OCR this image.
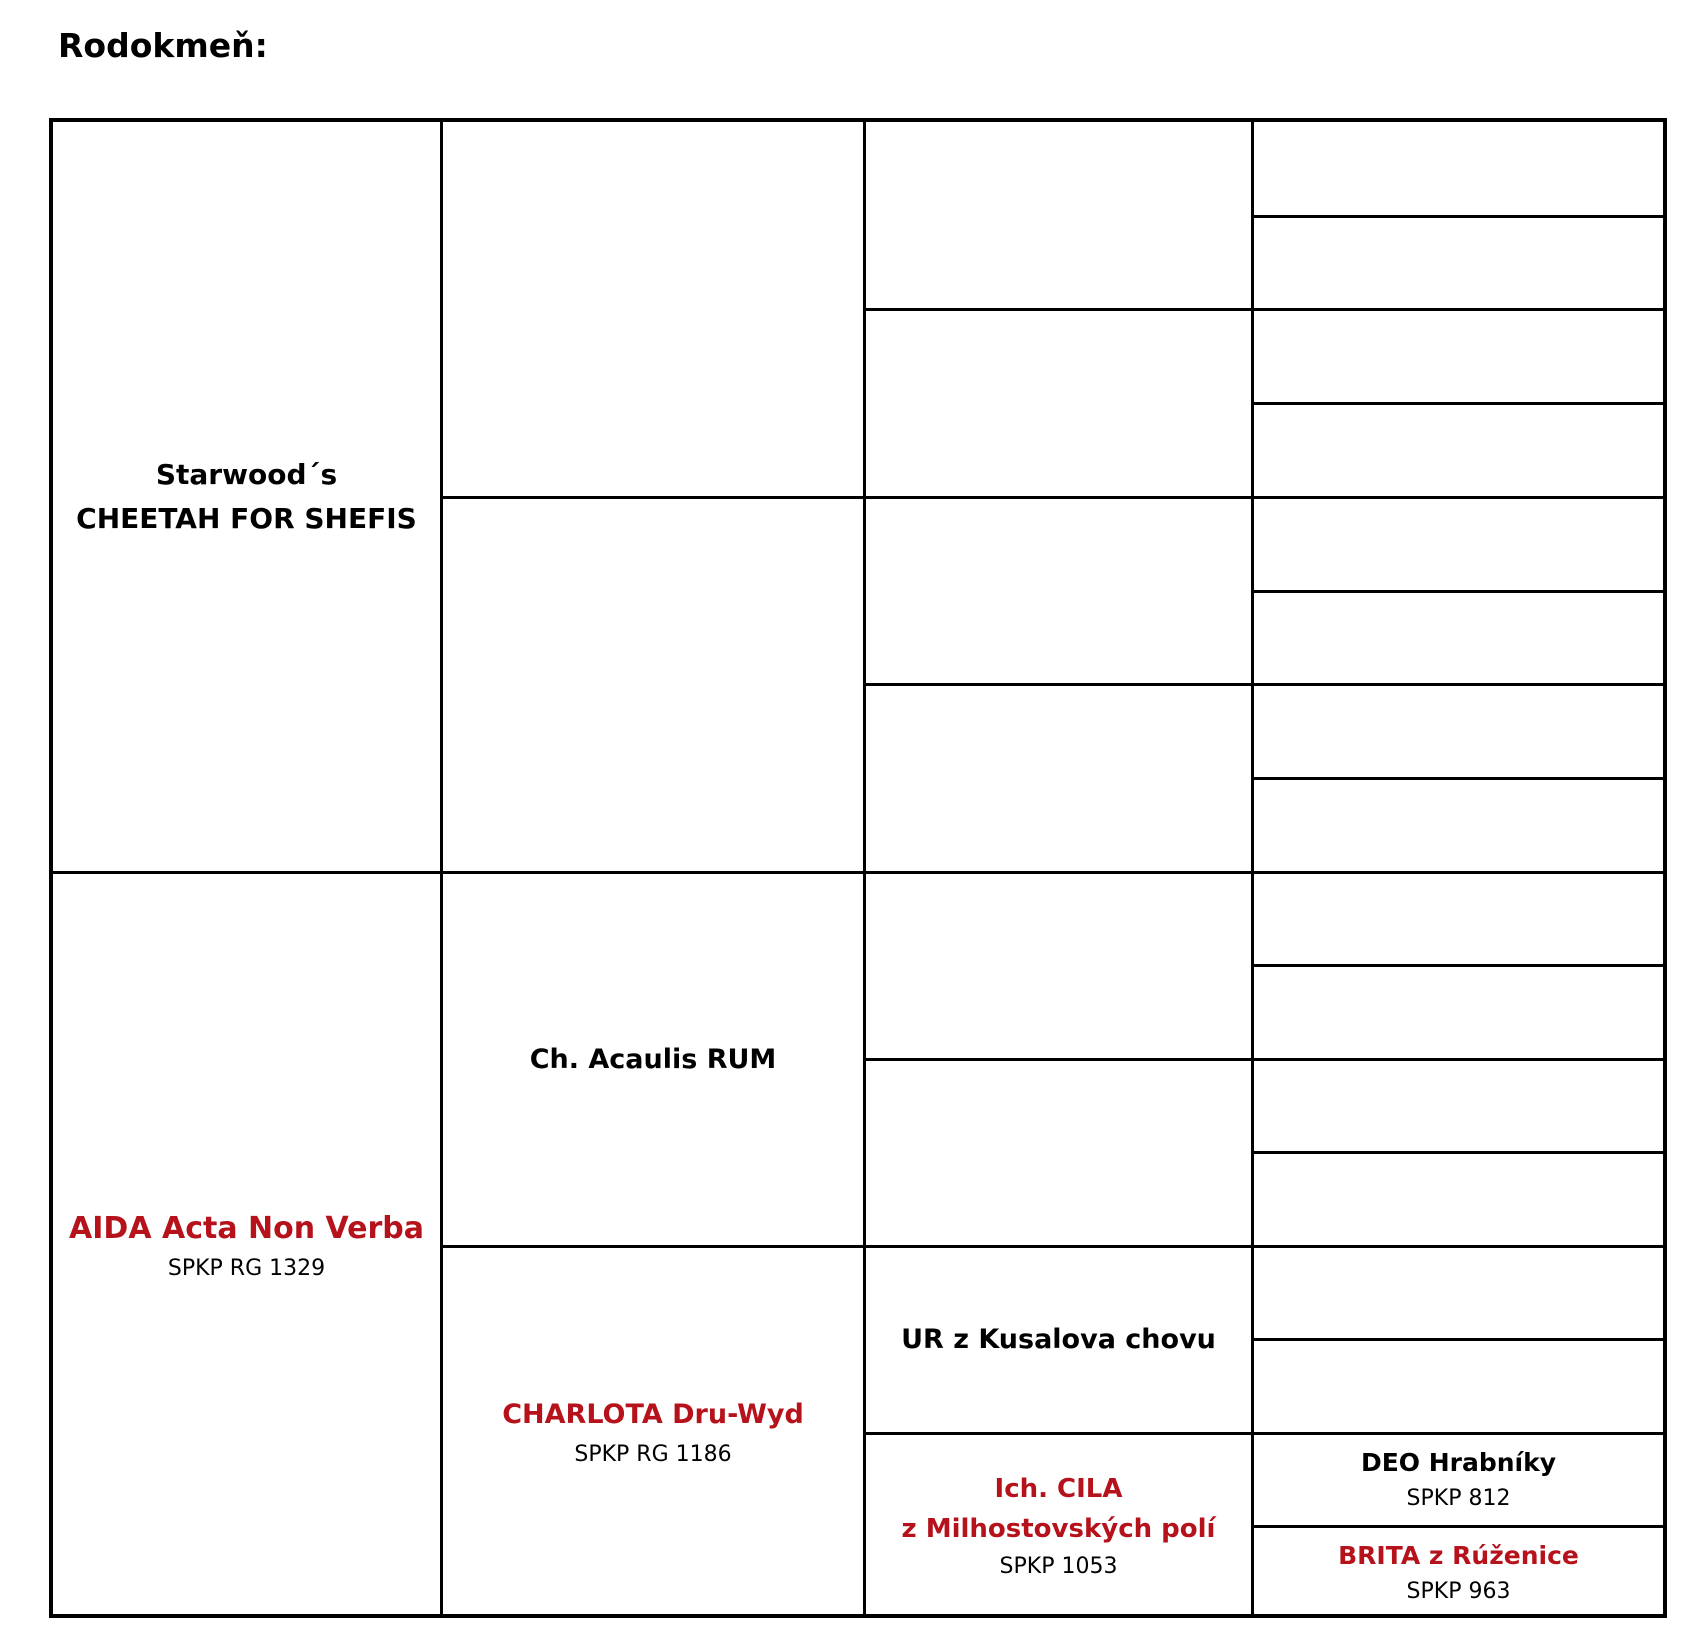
Rodokmeň:
Starwood´s
CHEETAH FOR SHEFIS
AIDA Acta Non Verba
SPKP RG 1329
Ch. Acaulis RUM
CHARLOTA Dru-Wyd
SPKP RG 1186
UR z Kusalova chovu
Ich. CILA
z Milhostovských polí
SPKP 1053
DEO Hrabníky
SPKP 812
BRITA z Rúženice
SPKP 963
